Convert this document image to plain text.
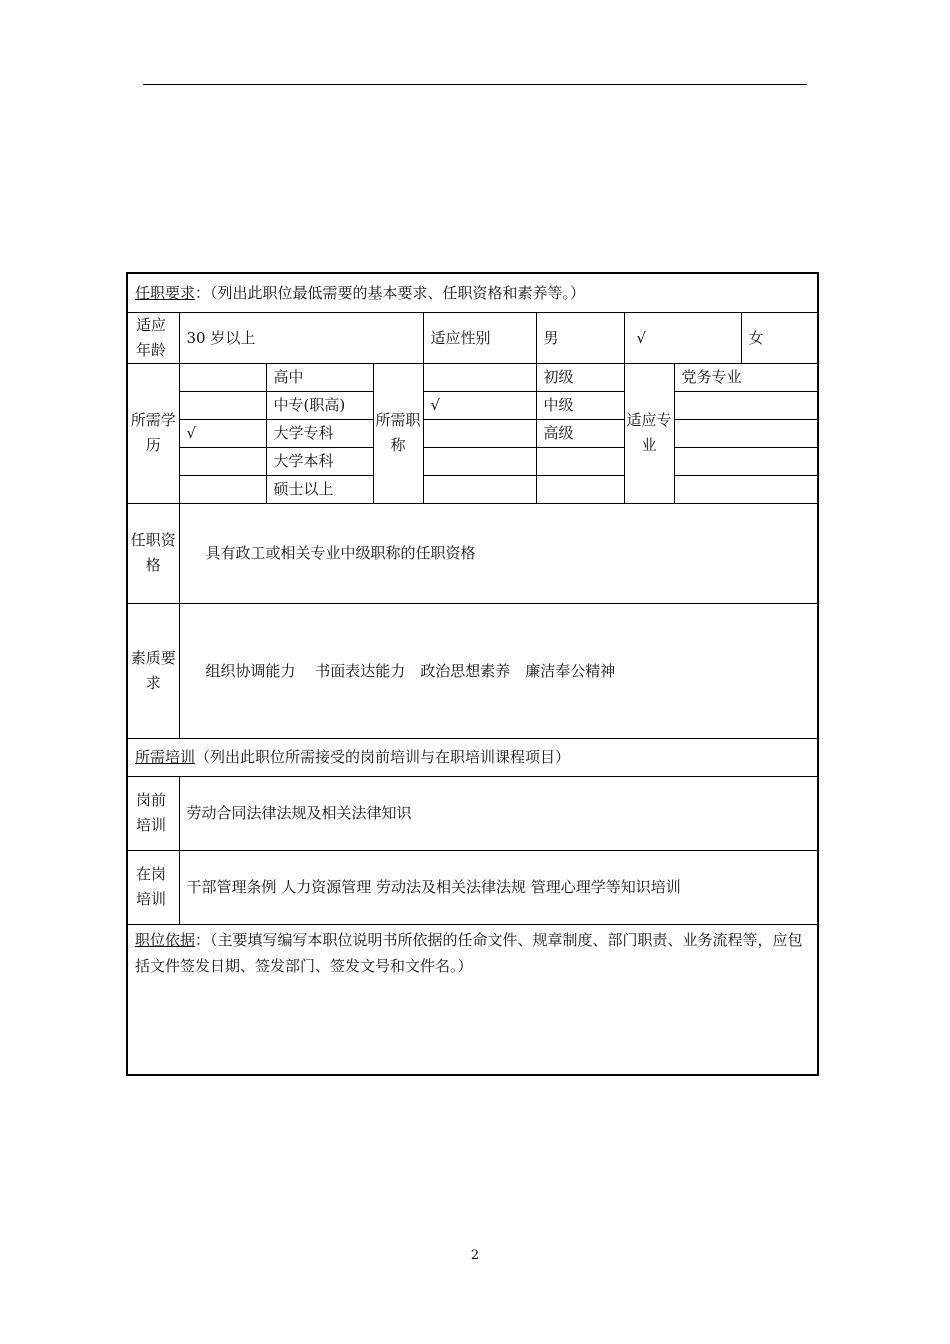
任职要求：（列出此职位最低需要的基本要求、任职资格和素养等。）								
适应年龄	30 岁以上			适应性别	男	√		女
所需学历		高中	所需职称		初级	适应专业	党务专业	
		中专(职高)		√	中级			
	√	大学专科			高级			
		大学本科						
		硕士以上						
任职资格	具有政工或相关专业中级职称的任职资格							
素质要求	组织协调能力　 书面表达能力　政治思想素养　廉洁奉公精神							
所需培训（列出此职位所需接受的岗前培训与在职培训课程项目）								
岗前培训	劳动合同法律法规及相关法律知识							
在岗培训	干部管理条例 人力资源管理 劳动法及相关法律法规 管理心理学等知识培训							
职位依据：（主要填写编写本职位说明书所依据的任命文件、规章制度、部门职责、业务流程等，应包括文件签发日期、签发部门、签发文号和文件名。）								
2
